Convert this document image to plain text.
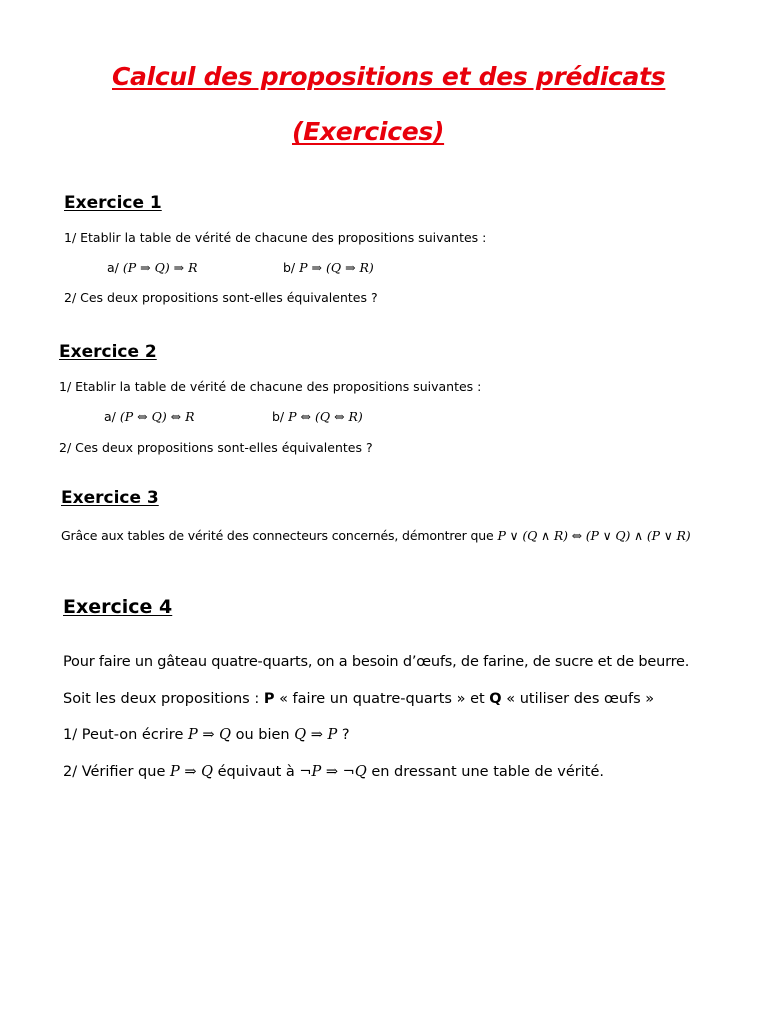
Calcul des propositions et des prédicats
(Exercices)
Exercice 1
1/ Etablir la table de vérité de chacune des propositions suivantes :
a/ (P ⇒ Q) ⇒ R	b/ P ⇒ (Q ⇒ R)
2/ Ces deux propositions sont-elles équivalentes ?
Exercice 2
1/ Etablir la table de vérité de chacune des propositions suivantes :
a/ (P ⇔ Q) ⇔ R	b/ P ⇔ (Q ⇔ R)
2/ Ces deux propositions sont-elles équivalentes ?
Exercice 3
Grâce aux tables de vérité des connecteurs concernés, démontrer que P ∨ (Q ∧ R) ⇔ (P ∨ Q) ∧ (P ∨ R)
Exercice 4
Pour faire un gâteau quatre-quarts, on a besoin d’œufs, de farine, de sucre et de beurre.
Soit les deux propositions : P « faire un quatre-quarts » et Q « utiliser des œufs »
1/ Peut-on écrire P ⇒ Q ou bien Q ⇒ P ?
2/ Vérifier que P ⇒ Q équivaut à ¬P ⇒ ¬Q en dressant une table de vérité.
